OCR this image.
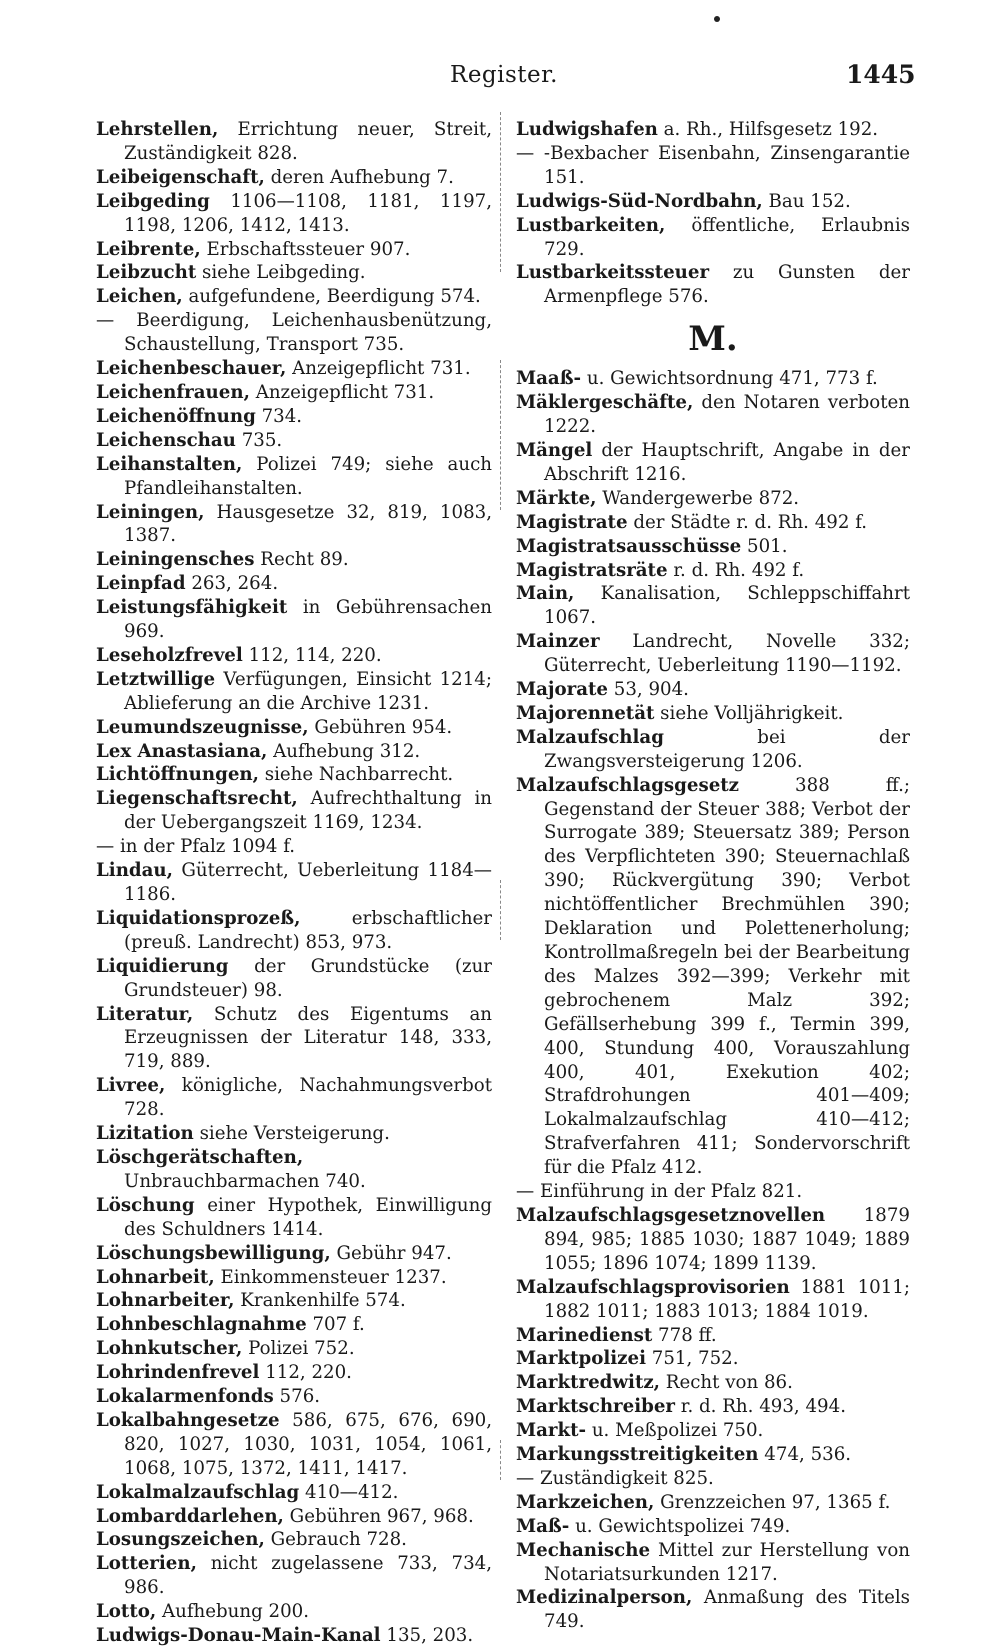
Register.	1445
Lehrstellen, Errichtung neuer, Streit, Zuständigkeit 828.
Leibeigenschaft, deren Aufhebung 7.
Leibgeding 1106—1108, 1181, 1197, 1198, 1206, 1412, 1413.
Leibrente, Erbschaftssteuer 907.
Leibzucht siehe Leibgeding.
Leichen, aufgefundene, Beerdigung 574.
— Beerdigung, Leichenhausbenützung, Schaustellung, Transport 735.
Leichenbeschauer, Anzeigepflicht 731.
Leichenfrauen, Anzeigepflicht 731.
Leichenöffnung 734.
Leichenschau 735.
Leihanstalten, Polizei 749; siehe auch Pfandleihanstalten.
Leiningen, Hausgesetze 32, 819, 1083, 1387.
Leiningensches Recht 89.
Leinpfad 263, 264.
Leistungsfähigkeit in Gebührensachen 969.
Leseholzfrevel 112, 114, 220.
Letztwillige Verfügungen, Einsicht 1214; Ablieferung an die Archive 1231.
Leumundszeugnisse, Gebühren 954.
Lex Anastasiana, Aufhebung 312.
Lichtöffnungen, siehe Nachbarrecht.
Liegenschaftsrecht, Aufrechthaltung in der Uebergangszeit 1169, 1234.
— in der Pfalz 1094 f.
Lindau, Güterrecht, Ueberleitung 1184—1186.
Liquidationsprozeß, erbschaftlicher (preuß. Landrecht) 853, 973.
Liquidierung der Grundstücke (zur Grundsteuer) 98.
Literatur, Schutz des Eigentums an Erzeugnissen der Literatur 148, 333, 719, 889.
Livree, königliche, Nachahmungsverbot 728.
Lizitation siehe Versteigerung.
Löschgerätschaften, Unbrauchbarmachen 740.
Löschung einer Hypothek, Einwilligung des Schuldners 1414.
Löschungsbewilligung, Gebühr 947.
Lohnarbeit, Einkommensteuer 1237.
Lohnarbeiter, Krankenhilfe 574.
Lohnbeschlagnahme 707 f.
Lohnkutscher, Polizei 752.
Lohrindenfrevel 112, 220.
Lokalarmenfonds 576.
Lokalbahngesetze 586, 675, 676, 690, 820, 1027, 1030, 1031, 1054, 1061, 1068, 1075, 1372, 1411, 1417.
Lokalmalzaufschlag 410—412.
Lombarddarlehen, Gebühren 967, 968.
Losungszeichen, Gebrauch 728.
Lotterien, nicht zugelassene 733, 734, 986.
Lotto, Aufhebung 200.
Ludwigs-Donau-Main-Kanal 135, 203.
Ludwigshafen a. Rh., Hilfsgesetz 192.
— -Bexbacher Eisenbahn, Zinsengarantie 151.
Ludwigs-Süd-Nordbahn, Bau 152.
Lustbarkeiten, öffentliche, Erlaubnis 729.
Lustbarkeitssteuer zu Gunsten der Armenpflege 576.
M.
Maaß- u. Gewichtsordnung 471, 773 f.
Mäklergeschäfte, den Notaren verboten 1222.
Mängel der Hauptschrift, Angabe in der Abschrift 1216.
Märkte, Wandergewerbe 872.
Magistrate der Städte r. d. Rh. 492 f.
Magistratsausschüsse 501.
Magistratsräte r. d. Rh. 492 f.
Main, Kanalisation, Schleppschiffahrt 1067.
Mainzer Landrecht, Novelle 332; Güterrecht, Ueberleitung 1190—1192.
Majorate 53, 904.
Majorennetät siehe Volljährigkeit.
Malzaufschlag bei der Zwangsversteigerung 1206.
Malzaufschlagsgesetz 388 ff.; Gegenstand der Steuer 388; Verbot der Surrogate 389; Steuersatz 389; Person des Verpflichteten 390; Steuernachlaß 390; Rückvergütung 390; Verbot nichtöffentlicher Brechmühlen 390; Deklaration und Polettenerholung; Kontrollmaßregeln bei der Bearbeitung des Malzes 392—399; Verkehr mit gebrochenem Malz 392; Gefällserhebung 399 f., Termin 399, 400, Stundung 400, Vorauszahlung 400, 401, Exekution 402; Strafdrohungen 401—409; Lokalmalzaufschlag 410—412; Strafverfahren 411; Sondervorschrift für die Pfalz 412.
— Einführung in der Pfalz 821.
Malzaufschlagsgesetznovellen 1879 894, 985; 1885 1030; 1887 1049; 1889 1055; 1896 1074; 1899 1139.
Malzaufschlagsprovisorien 1881 1011; 1882 1011; 1883 1013; 1884 1019.
Marinedienst 778 ff.
Marktpolizei 751, 752.
Marktredwitz, Recht von 86.
Marktschreiber r. d. Rh. 493, 494.
Markt- u. Meßpolizei 750.
Markungsstreitigkeiten 474, 536.
— Zuständigkeit 825.
Markzeichen, Grenzzeichen 97, 1365 f.
Maß- u. Gewichtspolizei 749.
Mechanische Mittel zur Herstellung von Notariatsurkunden 1217.
Medizinalperson, Anmaßung des Titels 749.
